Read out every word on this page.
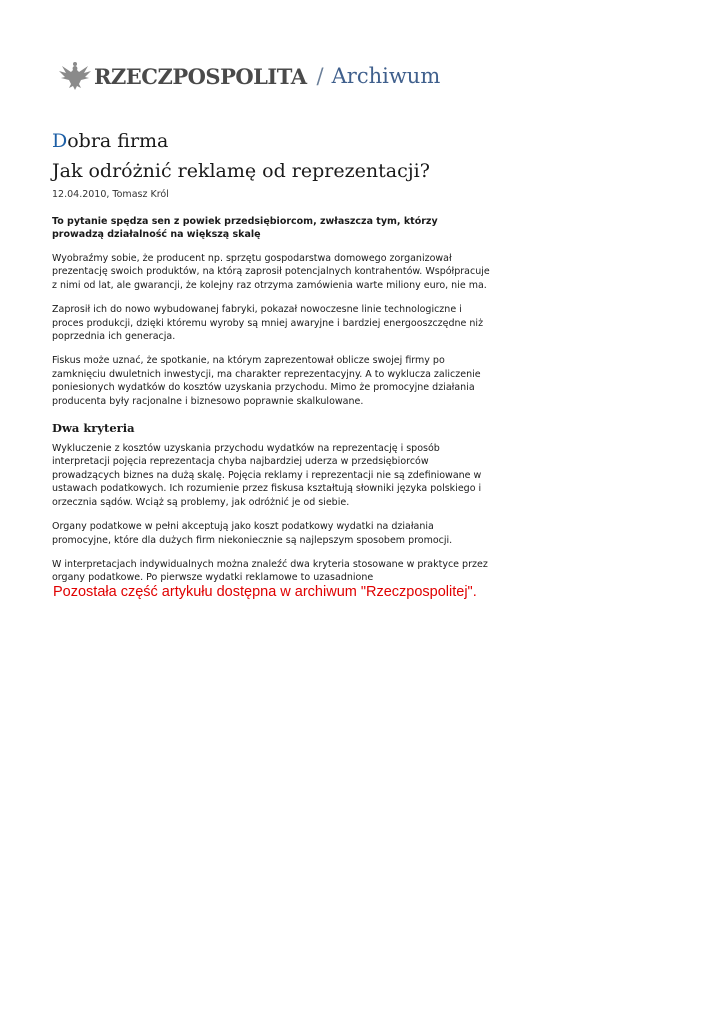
RZECZPOSPOLITA / Archiwum
Dobra firma
Jak odróżnić reklamę od reprezentacji?
12.04.2010, Tomasz Król
To pytanie spędza sen z powiek przedsiębiorcom, zwłaszcza tym, którzy prowadzą działalność na większą skalę

Wyobraźmy sobie, że producent np. sprzętu gospodarstwa domowego zorganizował prezentację swoich produktów, na którą zaprosił potencjalnych kontrahentów. Współpracuje z nimi od lat, ale gwarancji, że kolejny raz otrzyma zamówienia warte miliony euro, nie ma.

Zaprosił ich do nowo wybudowanej fabryki, pokazał nowoczesne linie technologiczne i proces produkcji, dzięki któremu wyroby są mniej awaryjne i bardziej energooszczędne niż poprzednia ich generacja.

Fiskus może uznać, że spotkanie, na którym zaprezentował oblicze swojej firmy po zamknięciu dwuletnich inwestycji, ma charakter reprezentacyjny. A to wyklucza zaliczenie poniesionych wydatków do kosztów uzyskania przychodu. Mimo że promocyjne działania producenta były racjonalne i biznesowo poprawnie skalkulowane.

Dwa kryteria

Wykluczenie z kosztów uzyskania przychodu wydatków na reprezentację i sposób interpretacji pojęcia reprezentacja chyba najbardziej uderza w przedsiębiorców prowadzących biznes na dużą skalę. Pojęcia reklamy i reprezentacji nie są zdefiniowane w ustawach podatkowych. Ich rozumienie przez fiskusa kształtują słowniki języka polskiego i orzecznia sądów. Wciąż są problemy, jak odróżnić je od siebie.

Organy podatkowe w pełni akceptują jako koszt podatkowy wydatki na działania promocyjne, które dla dużych firm niekoniecznie są najlepszym sposobem promocji.

W interpretacjach indywidualnych można znaleźć dwa kryteria stosowane w praktyce przez organy podatkowe. Po pierwsze wydatki reklamowe to uzasadnione

Pozostała część artykułu dostępna w archiwum "Rzeczpospolitej".
